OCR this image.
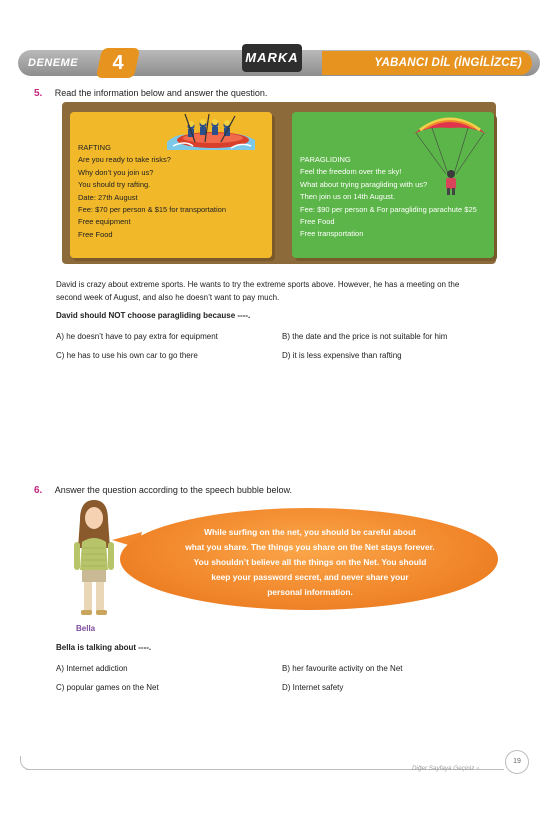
DENEME	4	MARKA	YABANCI DİL (İNGİLİZCE)
5. Read the information below and answer the question.
RAFTING
Are you ready to take risks?
Why don’t you join us?
You should try rafting.
Date: 27th August
Fee: $70 per person & $15 for transportation
Free equipment
Free Food
PARAGLIDING
Feel the freedom over the sky!
What about trying paragliding with us?
Then join us on 14th August.
Fee: $90 per person & For paragliding parachute $25
Free Food
Free transportation
David is crazy about extreme sports. He wants to try the extreme sports above. However, he has a meeting on the
second week of August, and also he doesn’t want to pay much.
David should NOT choose paragliding because ----.
A) he doesn’t have to pay extra for equipment	B) the date and the price is not suitable for him
C) he has to use his own car to go there	D) it is less expensive than rafting
6. Answer the question according to the speech bubble below.
Bella
While surfing on the net, you should be careful about
what you share. The things you share on the Net stays forever.
You shouldn’t believe all the things on the Net. You should
keep your password secret, and never share your
personal information.
Bella is talking about ----.
A) Internet addiction	B) her favourite activity on the Net
C) popular games on the Net	D) Internet safety
Diğer Sayfaya Geçiniz »
19
